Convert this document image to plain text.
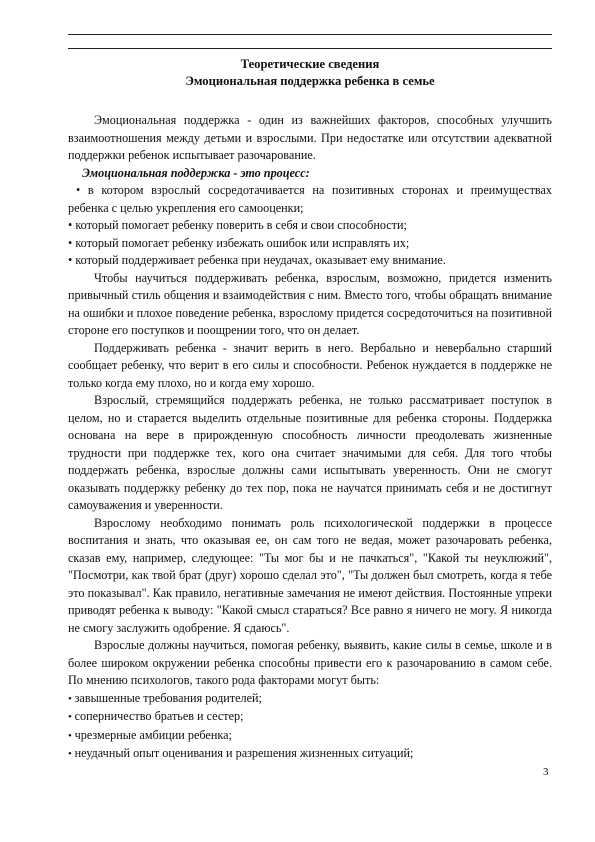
Теоретические сведения

Эмоциональная поддержка ребенка в семье

Эмоциональная поддержка - один из важнейших факторов, способных улучшить взаимоотношения между детьми и взрослыми. При недостатке или отсутствии адекватной поддержки ребенок испытывает разочарование.

Эмоциональная поддержка - это процесс:

• в котором взрослый сосредотачивается на позитивных сторонах и преимуществах ребенка с целью укрепления его самооценки;
• который помогает ребенку поверить в себя и свои способности;
• который помогает ребенку избежать ошибок или исправлять их;
• который поддерживает ребенка при неудачах, оказывает ему внимание.

Чтобы научиться поддерживать ребенка, взрослым, возможно, придется изменить привычный стиль общения и взаимодействия с ним. Вместо того, чтобы обращать внимание на ошибки и плохое поведение ребенка, взрослому придется сосредоточиться на позитивной стороне его поступков и поощрении того, что он делает.

Поддерживать ребенка - значит верить в него. Вербально и невербально старший сообщает ребенку, что верит в его силы и способности. Ребенок нуждается в поддержке не только когда ему плохо, но и когда ему хорошо.

Взрослый, стремящийся поддержать ребенка, не только рассматривает поступок в целом, но и старается выделить отдельные позитивные для ребенка стороны. Поддержка основана на вере в прирожденную способность личности преодолевать жизненные трудности при поддержке тех, кого она считает значимыми для себя. Для того чтобы поддержать ребенка, взрослые должны сами испытывать уверенность. Они не смогут оказывать поддержку ребенку до тех пор, пока не научатся принимать себя и не достигнут самоуважения и уверенности.

Взрослому необходимо понимать роль психологической поддержки в процессе воспитания и знать, что оказывая ее, он сам того не ведая, может разочаровать ребенка, сказав ему, например, следующее: "Ты мог бы и не пачкаться", "Какой ты неуклюжий", "Посмотри, как твой брат (друг) хорошо сделал это", "Ты должен был смотреть, когда я тебе это показывал". Как правило, негативные замечания не имеют действия. Постоянные упреки приводят ребенка к выводу: "Какой смысл стараться? Все равно я ничего не могу. Я никогда не смогу заслужить одобрение. Я сдаюсь".

Взрослые должны научиться, помогая ребенку, выявить, какие силы в семье, школе и в более широком окружении ребенка способны привести его к разочарованию в самом себе. По мнению психологов, такого рода факторами могут быть:

• завышенные требования родителей;
• соперничество братьев и сестер;
• чрезмерные амбиции ребенка;
• неудачный опыт оценивания и разрешения жизненных ситуаций;
3
